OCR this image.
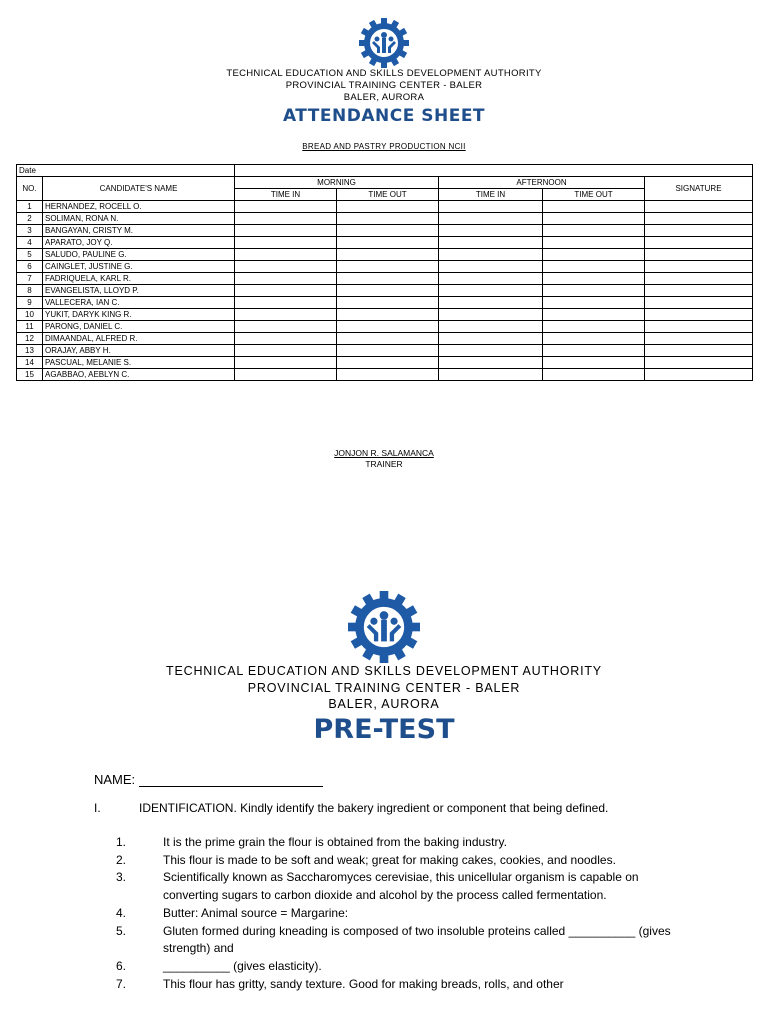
TECHNICAL EDUCATION AND SKILLS DEVELOPMENT AUTHORITY
PROVINCIAL TRAINING CENTER - BALER
BALER, AURORA
ATTENDANCE SHEET
BREAD AND PASTRY PRODUCTION NCII
Date						
NO.	CANDIDATE'S NAME	MORNING		AFTERNOON		SIGNATURE
		TIME IN	TIME OUT	TIME IN	TIME OUT	
1	HERNANDEZ, ROCELL O.					
2	SOLIMAN, RONA N.					
3	BANGAYAN, CRISTY M.					
4	APARATO, JOY Q.					
5	SALUDO, PAULINE G.					
6	CAINGLET, JUSTINE G.					
7	FADRIQUELA, KARL R.					
8	EVANGELISTA, LLOYD P.					
9	VALLECERA, IAN C.					
10	YUKIT, DARYK KING R.					
11	PARONG, DANIEL C.					
12	DIMAANDAL, ALFRED R.					
13	ORAJAY, ABBY H.					
14	PASCUAL, MELANIE S.					
15	AGABBAO, AEBLYN C.					
JONJON R. SALAMANCA
TRAINER
TECHNICAL EDUCATION AND SKILLS DEVELOPMENT AUTHORITY
PROVINCIAL TRAINING CENTER - BALER
BALER, AURORA
PRE-TEST
NAME:
I.	IDENTIFICATION. Kindly identify the bakery ingredient or component that being defined.
1.	It is the prime grain the flour is obtained from the baking industry.
2.	This flour is made to be soft and weak; great for making cakes, cookies, and noodles.
3.	Scientifically known as Saccharomyces cerevisiae, this unicellular organism is capable on converting sugars to carbon dioxide and alcohol by the process called fermentation.
4.	Butter: Animal source = Margarine:
5.	Gluten formed during kneading is composed of two insoluble proteins called __________ (gives strength) and
6.	__________ (gives elasticity).
7.	This flour has gritty, sandy texture. Good for making breads, rolls, and other
